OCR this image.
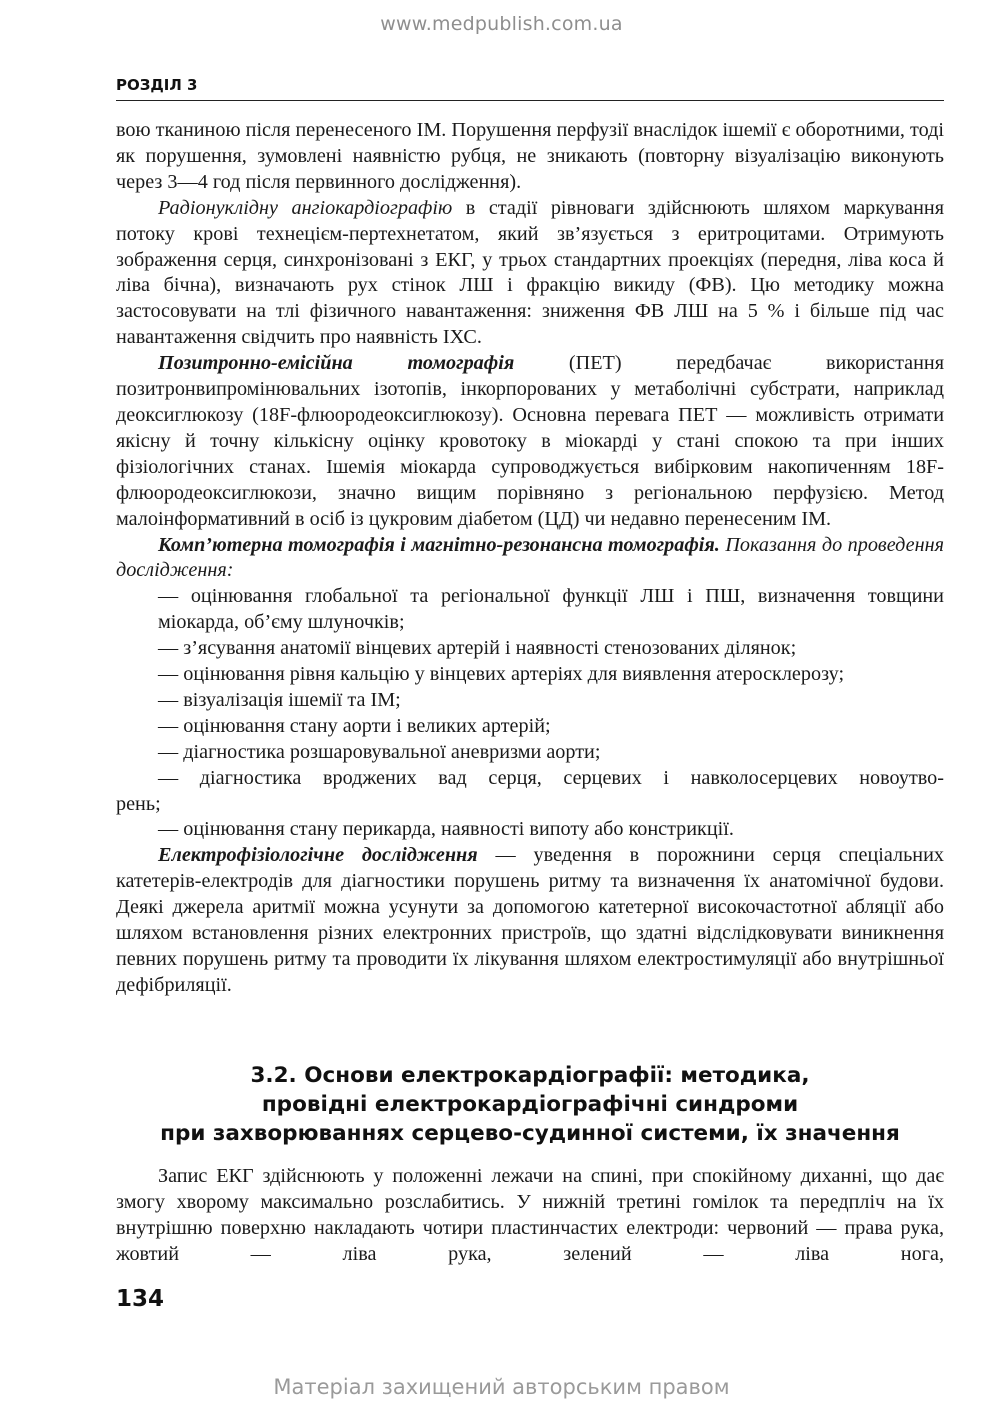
www.medpublish.com.ua
РОЗДІЛ 3

вою тканиною після перенесеного ІМ. Порушення перфузії внаслідок ішемії є оборотними, тоді як порушення, зумовлені наявністю рубця, не зникають (повторну візуалізацію виконують через 3—4 год після первинного дослідження).

Радіонуклідну ангіокардіографію в стадії рівноваги здійснюють шляхом маркування потоку крові технецієм-пертехнетатом, який зв’язується з еритроцитами. Отримують зображення серця, синхронізовані з ЕКГ, у трьох стандартних проекціях (передня, ліва коса й ліва бічна), визначають рух стінок ЛШ і фракцію викиду (ФВ). Цю методику можна застосовувати на тлі фізичного навантаження: зниження ФВ ЛШ на 5 % і більше під час навантаження свідчить про наявність ІХС.

Позитронно-емісійна томографія (ПЕТ) передбачає використання позитронвипромінювальних ізотопів, інкорпорованих у метаболічні субстрати, наприклад деоксиглюкозу (18F-флюородеоксиглюкозу). Основна перевага ПЕТ — можливість отримати якісну й точну кількісну оцінку кровотоку в міокарді у стані спокою та при інших фізіологічних станах. Ішемія міокарда супроводжується вибірковим накопиченням 18F-флюородеоксиглюкози, значно вищим порівняно з регіональною перфузією. Метод малоінформативний в осіб із цукровим діабетом (ЦД) чи недавно перенесеним ІМ.

Комп’ютерна томографія і магнітно-резонансна томографія. Показання до проведення дослідження:

— оцінювання глобальної та регіональної функції ЛШ і ПШ, визначення товщини міокарда, об’єму шлуночків;

— з’ясування анатомії вінцевих артерій і наявності стенозованих ділянок;

— оцінювання рівня кальцію у вінцевих артеріях для виявлення атеросклерозу;

— візуалізація ішемії та ІМ;

— оцінювання стану аорти і великих артерій;

— діагностика розшаровувальної аневризми аорти;

— діагностика вроджених вад серця, серцевих і навколосерцевих новоутво-

рень;

— оцінювання стану перикарда, наявності випоту або констрикції.

Електрофізіологічне дослідження — уведення в порожнини серця спеціальних катетерів-електродів для діагностики порушень ритму та визначення їх анатомічної будови. Деякі джерела аритмії можна усунути за допомогою катетерної високочастотної абляції або шляхом встановлення різних електронних пристроїв, що здатні відслідковувати виникнення певних порушень ритму та проводити їх лікування шляхом електростимуляції або внутрішньої дефібриляції.

3.2. Основи електрокардіографії: методика,
провідні електрокардіографічні синдроми
при захворюваннях серцево-судинної системи, їх значення

Запис ЕКГ здійснюють у положенні лежачи на спині, при спокійному диханні, що дає змогу хворому максимально розслабитись. У нижній третині гомілок та передпліч на їх внутрішню поверхню накладають чотири пластинчастих електроди: червоний — права рука, жовтий — ліва рука, зелений — ліва нога,

134
Матеріал захищений авторським правом
